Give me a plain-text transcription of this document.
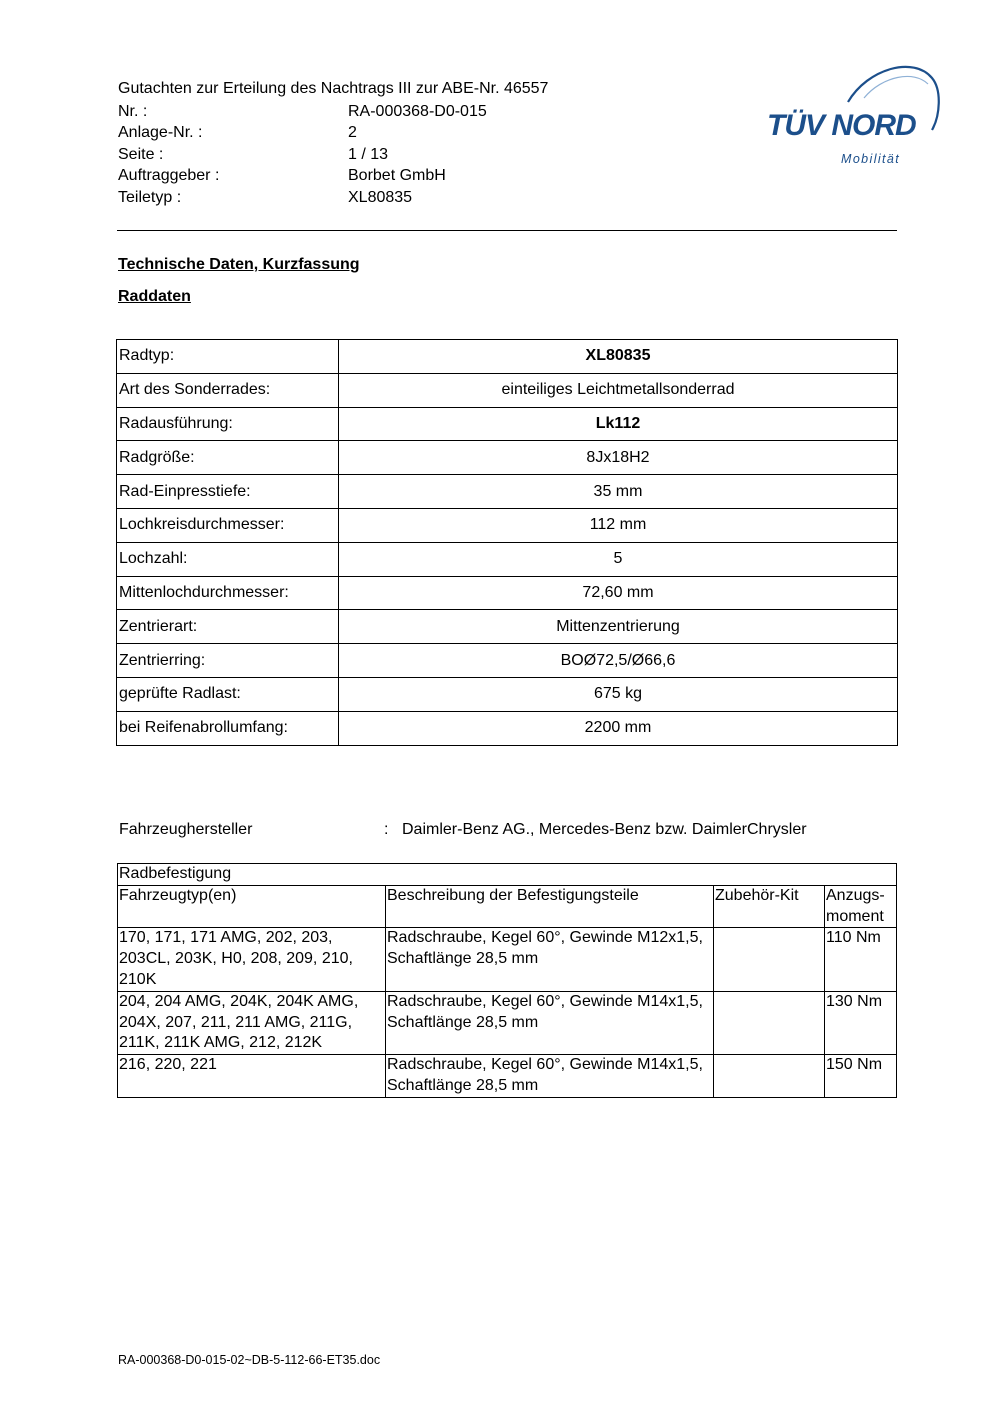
Gutachten zur Erteilung des Nachtrags III zur ABE-Nr. 46557
Nr. :	RA-000368-D0-015
Anlage-Nr. :	2
Seite :	1 / 13
Auftraggeber :	Borbet GmbH
Teiletyp :	XL80835
TÜV NORD
Mobilität
Technische Daten, Kurzfassung
Raddaten
Radtyp:	XL80835
Art des Sonderrades:	einteiliges Leichtmetallsonderrad
Radausführung:	Lk112
Radgröße:	8Jx18H2
Rad-Einpresstiefe:	35 mm
Lochkreisdurchmesser:	112 mm
Lochzahl:	5
Mittenlochdurchmesser:	72,60 mm
Zentrierart:	Mittenzentrierung
Zentrierring:	BOØ72,5/Ø66,6
geprüfte Radlast:	675 kg
bei Reifenabrollumfang:	2200 mm
Fahrzeughersteller	: Daimler-Benz AG., Mercedes-Benz bzw. DaimlerChrysler
Radbefestigung			
Fahrzeugtyp(en)	Beschreibung der Befestigungsteile	Zubehör-Kit	Anzugs-moment
170, 171, 171 AMG, 202, 203, 203CL, 203K, H0, 208, 209, 210, 210K	Radschraube, Kegel 60°, Gewinde M12x1,5, Schaftlänge 28,5 mm		110 Nm
204, 204 AMG, 204K, 204K AMG, 204X, 207, 211, 211 AMG, 211G, 211K, 211K AMG, 212, 212K	Radschraube, Kegel 60°, Gewinde M14x1,5, Schaftlänge 28,5 mm		130 Nm
216, 220, 221	Radschraube, Kegel 60°, Gewinde M14x1,5, Schaftlänge 28,5 mm		150 Nm
RA-000368-D0-015-02~DB-5-112-66-ET35.doc
